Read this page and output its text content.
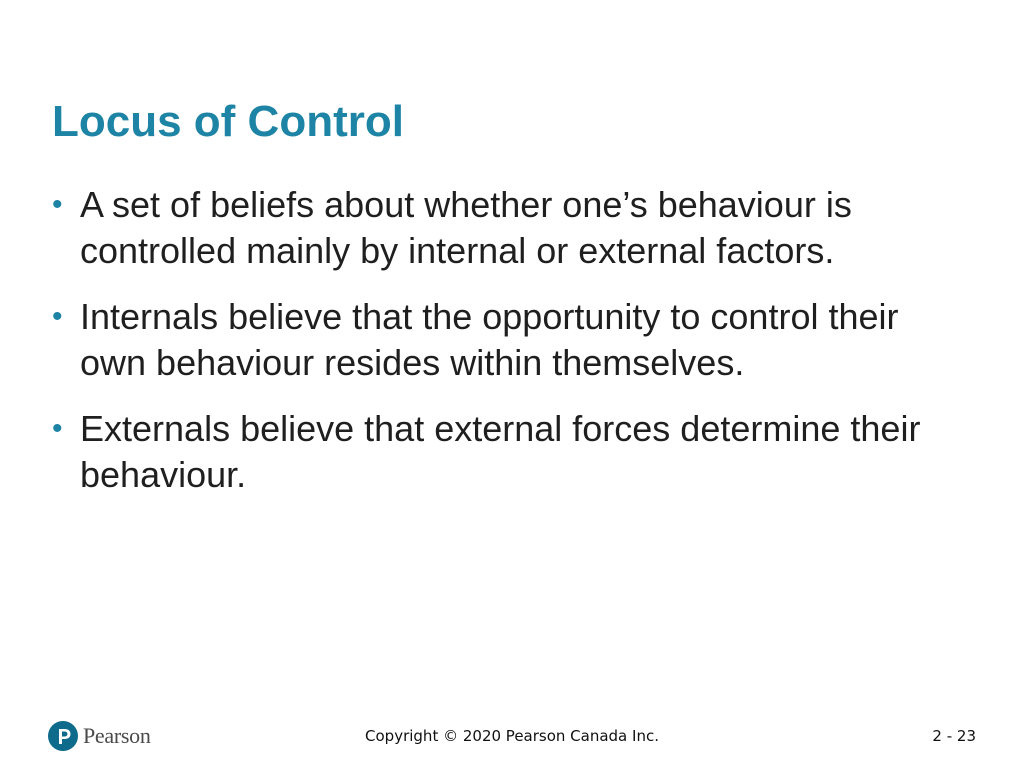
Locus of Control
• A set of beliefs about whether one’s behaviour is controlled mainly by internal or external factors.
• Internals believe that the opportunity to control their own behaviour resides within themselves.
• Externals believe that external forces determine their behaviour.
Pearson	Copyright © 2020 Pearson Canada Inc.	2 - 23
